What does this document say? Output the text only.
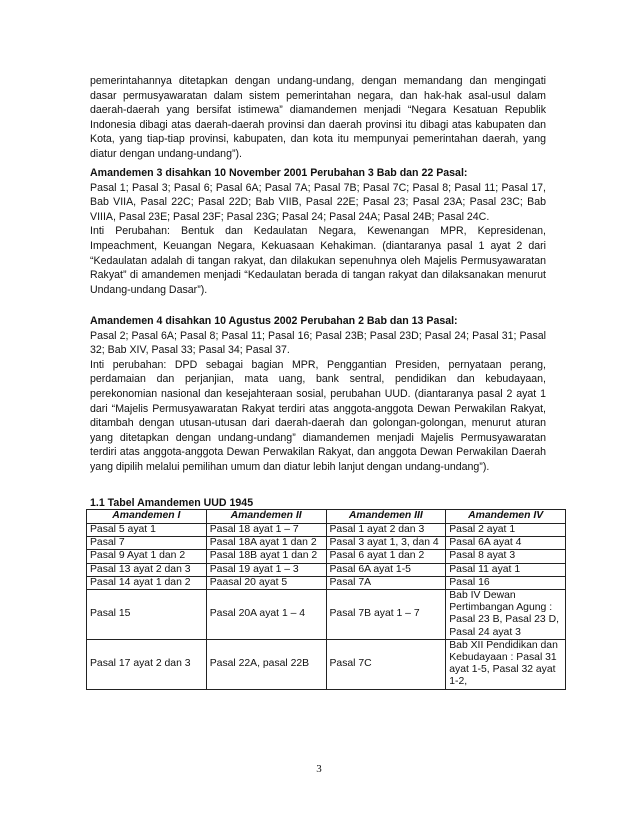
pemerintahannya ditetapkan dengan undang-undang, dengan memandang dan mengingati dasar permusyawaratan dalam sistem pemerintahan negara, dan hak-hak asal-usul dalam daerah-daerah yang bersifat istimewa” diamandemen menjadi “Negara Kesatuan Republik Indonesia dibagi atas daerah-daerah provinsi dan daerah provinsi itu dibagi atas kabupaten dan Kota, yang tiap-tiap provinsi, kabupaten, dan kota itu mempunyai pemerintahan daerah, yang diatur dengan undang-undang”).

Amandemen 3 disahkan 10 November 2001 Perubahan 3 Bab dan 22 Pasal:

Pasal 1; Pasal 3; Pasal 6; Pasal 6A; Pasal 7A; Pasal 7B; Pasal 7C; Pasal 8; Pasal 11; Pasal 17, Bab VIIA, Pasal 22C; Pasal 22D; Bab VIIB, Pasal 22E; Pasal 23; Pasal 23A; Pasal 23C; Bab VIIIA, Pasal 23E; Pasal 23F; Pasal 23G; Pasal 24; Pasal 24A; Pasal 24B; Pasal 24C.

Inti Perubahan: Bentuk dan Kedaulatan Negara, Kewenangan MPR, Kepresidenan, Impeachment, Keuangan Negara, Kekuasaan Kehakiman. (diantaranya pasal 1 ayat 2 dari “Kedaulatan adalah di tangan rakyat, dan dilakukan sepenuhnya oleh Majelis Permusyawaratan Rakyat” di amandemen menjadi “Kedaulatan berada di tangan rakyat dan dilaksanakan menurut Undang-undang Dasar”).

Amandemen 4 disahkan 10 Agustus 2002 Perubahan 2 Bab dan 13 Pasal:

Pasal 2; Pasal 6A; Pasal 8; Pasal 11; Pasal 16; Pasal 23B; Pasal 23D; Pasal 24; Pasal 31; Pasal 32; Bab XIV, Pasal 33; Pasal 34; Pasal 37.

Inti perubahan: DPD sebagai bagian MPR, Penggantian Presiden, pernyataan perang, perdamaian dan perjanjian, mata uang, bank sentral, pendidikan dan kebudayaan, perekonomian nasional dan kesejahteraan sosial, perubahan UUD. (diantaranya pasal 2 ayat 1 dari “Majelis Permusyawaratan Rakyat terdiri atas anggota-anggota Dewan Perwakilan Rakyat, ditambah dengan utusan-utusan dari daerah-daerah dan golongan-golongan, menurut aturan yang ditetapkan dengan undang-undang” diamandemen menjadi Majelis Permusyawaratan terdiri atas anggota-anggota Dewan Perwakilan Rakyat, dan anggota Dewan Perwakilan Daerah yang dipilih melalui pemilihan umum dan diatur lebih lanjut dengan undang-undang”).

1.1 Tabel Amandemen UUD 1945
Amandemen I	Amandemen II	Amandemen III	Amandemen IV
Pasal 5 ayat 1	Pasal 18 ayat 1 – 7	Pasal 1 ayat 2 dan 3	Pasal 2 ayat 1
Pasal 7	Pasal 18A ayat 1 dan 2	Pasal 3 ayat 1, 3, dan 4	Pasal 6A ayat 4
Pasal 9 Ayat 1 dan 2	Pasal 18B ayat 1 dan 2	Pasal 6 ayat 1 dan 2	Pasal 8 ayat 3
Pasal 13 ayat 2 dan 3	Pasal 19 ayat 1 – 3	Pasal 6A ayat 1-5	Pasal 11 ayat 1
Pasal 14 ayat 1 dan 2	Paasal 20 ayat 5	Pasal 7A	Pasal 16
Pasal 15	Pasal 20A ayat 1 – 4	Pasal 7B ayat 1 – 7	Bab IV Dewan Pertimbangan Agung : Pasal 23 B, Pasal 23 D, Pasal 24 ayat 3
Pasal 17 ayat 2 dan 3	Pasal 22A, pasal 22B	Pasal 7C	Bab XII Pendidikan dan Kebudayaan : Pasal 31 ayat 1-5, Pasal 32 ayat 1-2,
3
